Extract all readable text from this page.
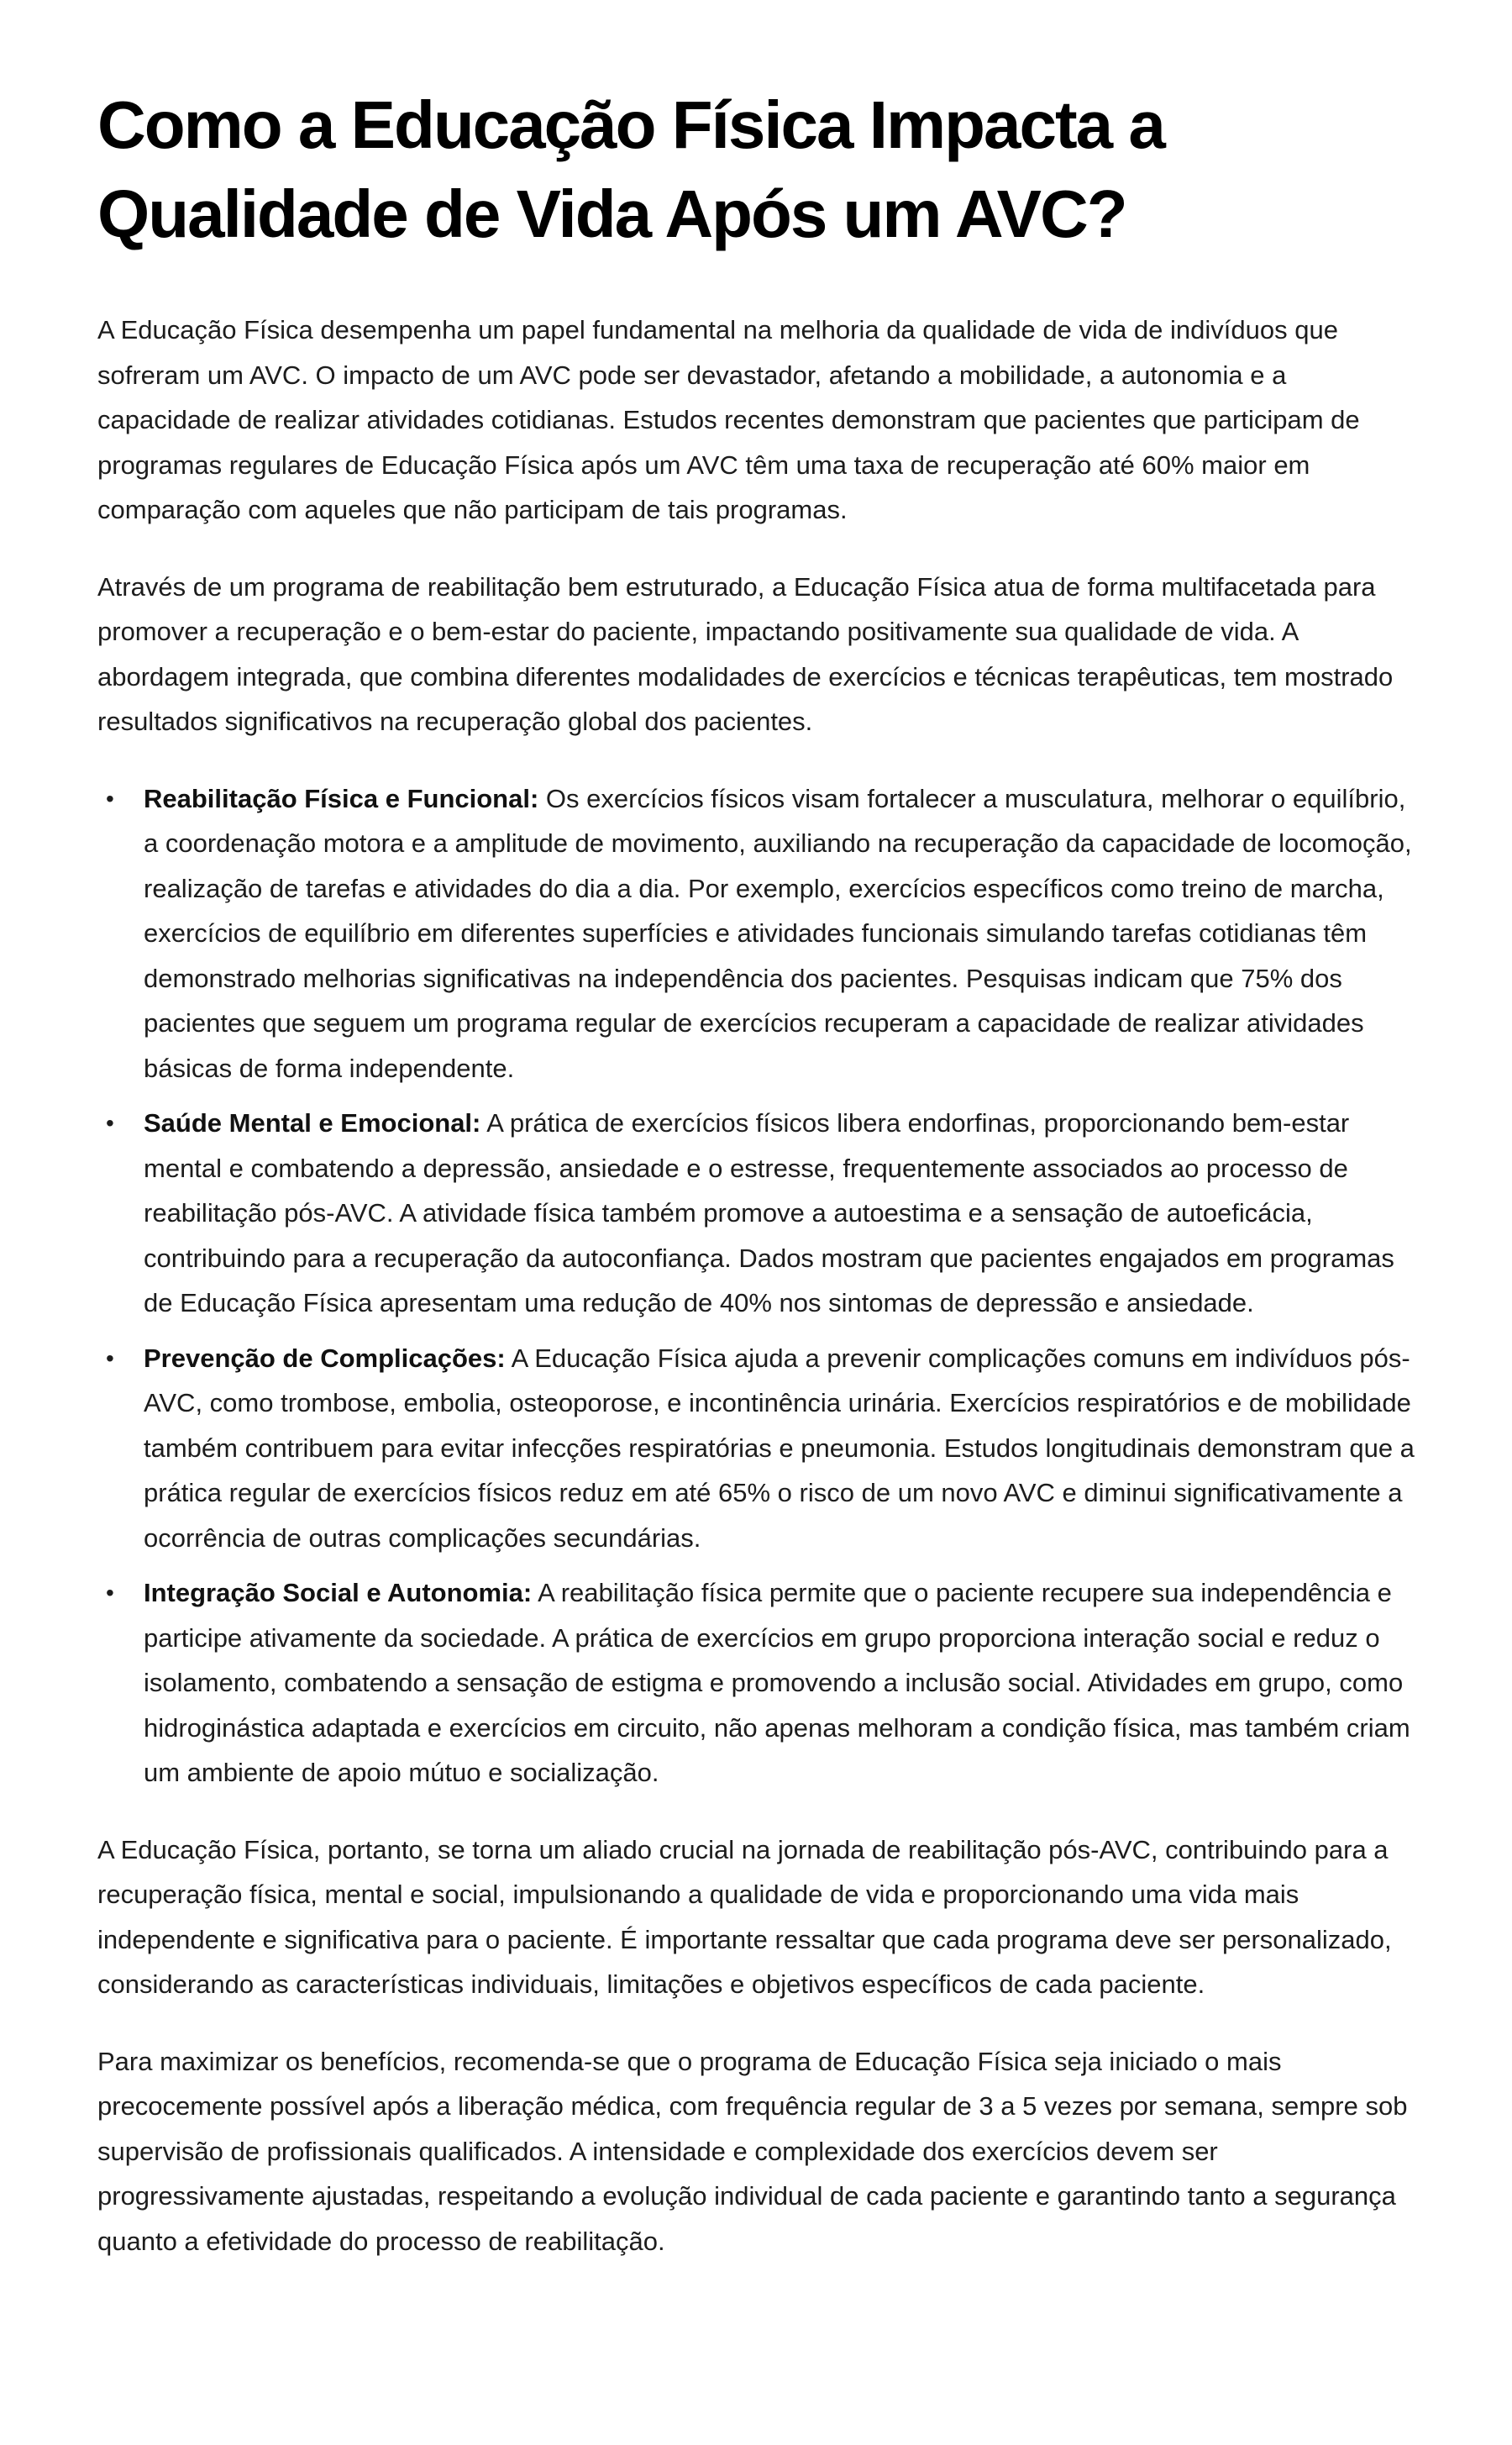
Como a Educação Física Impacta a Qualidade de Vida Após um AVC?

A Educação Física desempenha um papel fundamental na melhoria da qualidade de vida de indivíduos que sofreram um AVC. O impacto de um AVC pode ser devastador, afetando a mobilidade, a autonomia e a capacidade de realizar atividades cotidianas. Estudos recentes demonstram que pacientes que participam de programas regulares de Educação Física após um AVC têm uma taxa de recuperação até 60% maior em comparação com aqueles que não participam de tais programas.

Através de um programa de reabilitação bem estruturado, a Educação Física atua de forma multifacetada para promover a recuperação e o bem-estar do paciente, impactando positivamente sua qualidade de vida. A abordagem integrada, que combina diferentes modalidades de exercícios e técnicas terapêuticas, tem mostrado resultados significativos na recuperação global dos pacientes.

• Reabilitação Física e Funcional: Os exercícios físicos visam fortalecer a musculatura, melhorar o equilíbrio, a coordenação motora e a amplitude de movimento, auxiliando na recuperação da capacidade de locomoção, realização de tarefas e atividades do dia a dia. Por exemplo, exercícios específicos como treino de marcha, exercícios de equilíbrio em diferentes superfícies e atividades funcionais simulando tarefas cotidianas têm demonstrado melhorias significativas na independência dos pacientes. Pesquisas indicam que 75% dos pacientes que seguem um programa regular de exercícios recuperam a capacidade de realizar atividades básicas de forma independente.
• Saúde Mental e Emocional: A prática de exercícios físicos libera endorfinas, proporcionando bem-estar mental e combatendo a depressão, ansiedade e o estresse, frequentemente associados ao processo de reabilitação pós-AVC. A atividade física também promove a autoestima e a sensação de autoeficácia, contribuindo para a recuperação da autoconfiança. Dados mostram que pacientes engajados em programas de Educação Física apresentam uma redução de 40% nos sintomas de depressão e ansiedade.
• Prevenção de Complicações: A Educação Física ajuda a prevenir complicações comuns em indivíduos pós-AVC, como trombose, embolia, osteoporose, e incontinência urinária. Exercícios respiratórios e de mobilidade também contribuem para evitar infecções respiratórias e pneumonia. Estudos longitudinais demonstram que a prática regular de exercícios físicos reduz em até 65% o risco de um novo AVC e diminui significativamente a ocorrência de outras complicações secundárias.
• Integração Social e Autonomia: A reabilitação física permite que o paciente recupere sua independência e participe ativamente da sociedade. A prática de exercícios em grupo proporciona interação social e reduz o isolamento, combatendo a sensação de estigma e promovendo a inclusão social. Atividades em grupo, como hidroginástica adaptada e exercícios em circuito, não apenas melhoram a condição física, mas também criam um ambiente de apoio mútuo e socialização.

A Educação Física, portanto, se torna um aliado crucial na jornada de reabilitação pós-AVC, contribuindo para a recuperação física, mental e social, impulsionando a qualidade de vida e proporcionando uma vida mais independente e significativa para o paciente. É importante ressaltar que cada programa deve ser personalizado, considerando as características individuais, limitações e objetivos específicos de cada paciente.

Para maximizar os benefícios, recomenda-se que o programa de Educação Física seja iniciado o mais precocemente possível após a liberação médica, com frequência regular de 3 a 5 vezes por semana, sempre sob supervisão de profissionais qualificados. A intensidade e complexidade dos exercícios devem ser progressivamente ajustadas, respeitando a evolução individual de cada paciente e garantindo tanto a segurança quanto a efetividade do processo de reabilitação.
